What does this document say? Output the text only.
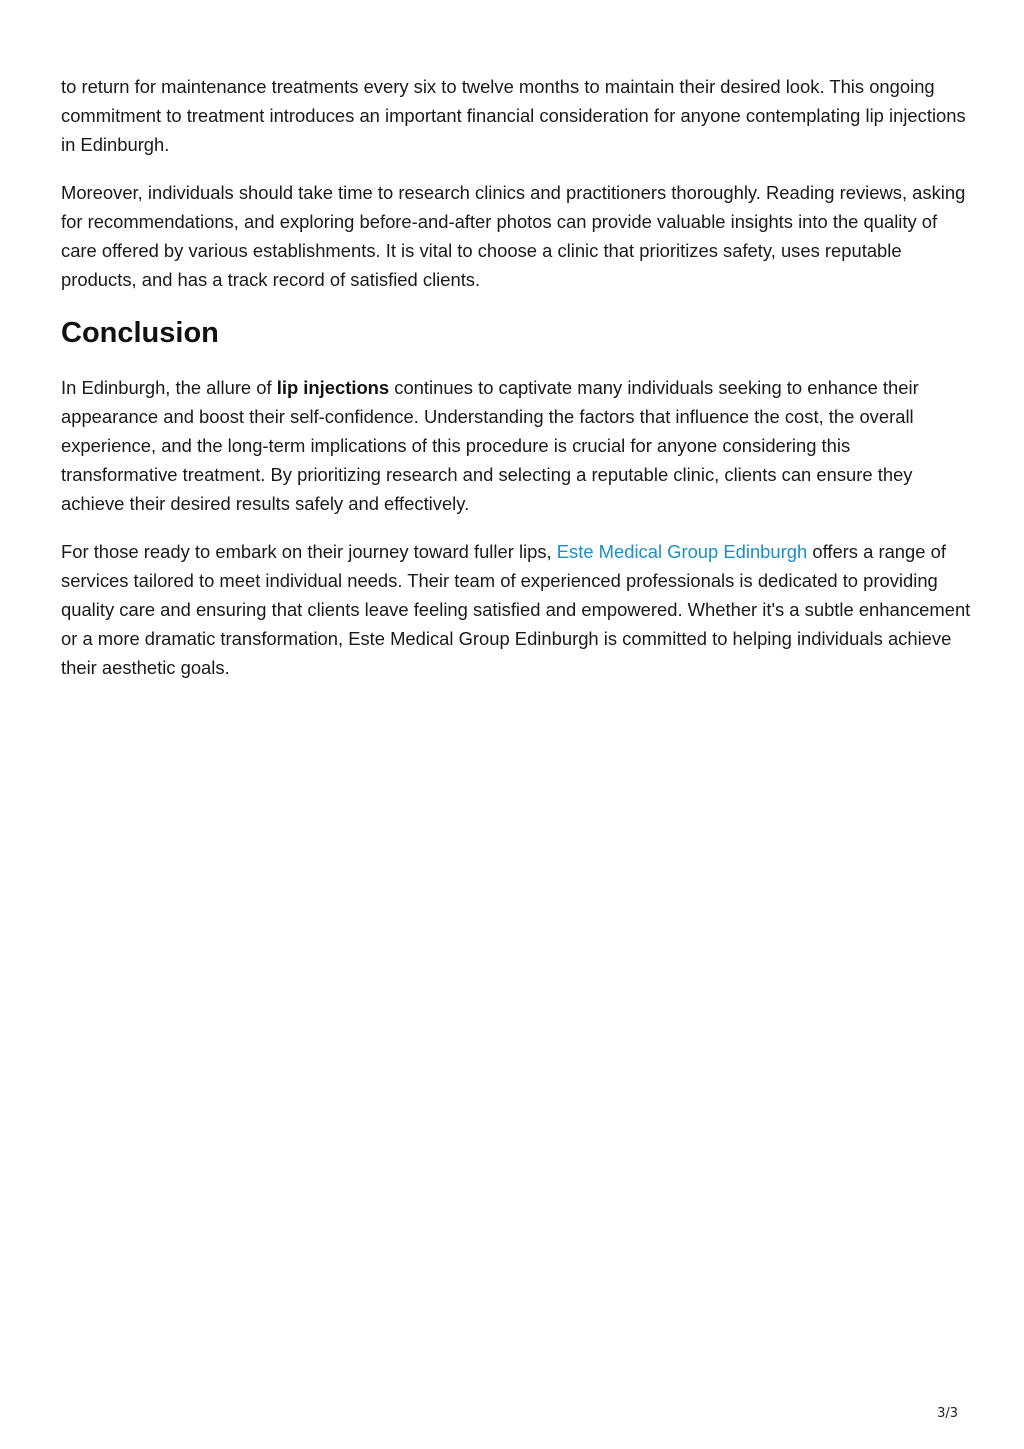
to return for maintenance treatments every six to twelve months to maintain their desired look. This ongoing commitment to treatment introduces an important financial consideration for anyone contemplating lip injections in Edinburgh.

Moreover, individuals should take time to research clinics and practitioners thoroughly. Reading reviews, asking for recommendations, and exploring before-and-after photos can provide valuable insights into the quality of care offered by various establishments. It is vital to choose a clinic that prioritizes safety, uses reputable products, and has a track record of satisfied clients.

Conclusion

In Edinburgh, the allure of lip injections continues to captivate many individuals seeking to enhance their appearance and boost their self-confidence. Understanding the factors that influence the cost, the overall experience, and the long-term implications of this procedure is crucial for anyone considering this transformative treatment. By prioritizing research and selecting a reputable clinic, clients can ensure they achieve their desired results safely and effectively.

For those ready to embark on their journey toward fuller lips, Este Medical Group Edinburgh offers a range of services tailored to meet individual needs. Their team of experienced professionals is dedicated to providing quality care and ensuring that clients leave feeling satisfied and empowered. Whether it's a subtle enhancement or a more dramatic transformation, Este Medical Group Edinburgh is committed to helping individuals achieve their aesthetic goals.

3/3
